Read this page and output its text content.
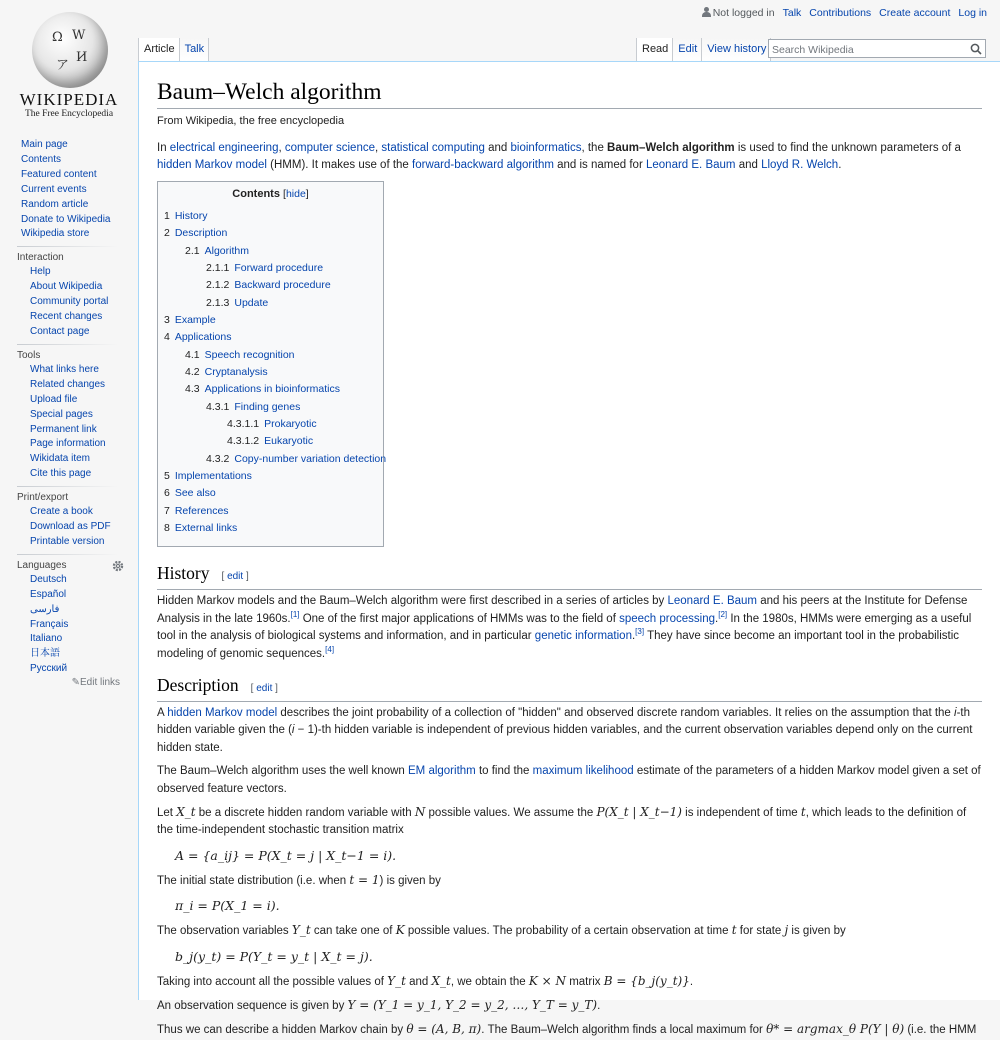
Ω W
И
ア
WIKIPEDIA
The Free Encyclopedia
Not logged in Talk Contributions Create account Log in
Article Talk	Read Edit View history
Search Wikipedia
Main page
Contents
Featured content
Current events
Random article
Donate to Wikipedia
Wikipedia store
Interaction
Help
About Wikipedia
Community portal
Recent changes
Contact page
Tools
What links here
Related changes
Upload file
Special pages
Permanent link
Page information
Wikidata item
Cite this page
Print/export
Create a book
Download as PDF
Printable version
Languages
Deutsch
Español
فارسی
Français
Italiano
日本語
Русский
✎Edit links
Baum–Welch algorithm
From Wikipedia, the free encyclopedia

In electrical engineering, computer science, statistical computing and bioinformatics, the Baum–Welch algorithm is used to find the unknown parameters of a hidden Markov model (HMM). It makes use of the forward-backward algorithm and is named for Leonard E. Baum and Lloyd R. Welch.

Contents [hide]
1 History
2 Description
2.1 Algorithm
2.1.1 Forward procedure
2.1.2 Backward procedure
2.1.3 Update
3 Example
4 Applications
4.1 Speech recognition
4.2 Cryptanalysis
4.3 Applications in bioinformatics
4.3.1 Finding genes
4.3.1.1 Prokaryotic
4.3.1.2 Eukaryotic
4.3.2 Copy-number variation detection
5 Implementations
6 See also
7 References
8 External links
History [ edit ]

Hidden Markov models and the Baum–Welch algorithm were first described in a series of articles by Leonard E. Baum and his peers at the Institute for Defense Analysis in the late 1960s.[1] One of the first major applications of HMMs was to the field of speech processing.[2] In the 1980s, HMMs were emerging as a useful tool in the analysis of biological systems and information, and in particular genetic information.[3] They have since become an important tool in the probabilistic modeling of genomic sequences.[4]

Description [ edit ]

A hidden Markov model describes the joint probability of a collection of "hidden" and observed discrete random variables. It relies on the assumption that the i-th hidden variable given the (i − 1)-th hidden variable is independent of previous hidden variables, and the current observation variables depend only on the current hidden state.

The Baum–Welch algorithm uses the well known EM algorithm to find the maximum likelihood estimate of the parameters of a hidden Markov model given a set of observed feature vectors.

Let X_t be a discrete hidden random variable with N possible values. We assume the P(X_t | X_t−1) is independent of time t, which leads to the definition of the time-independent stochastic transition matrix

A = {a_ij} = P(X_t = j | X_t−1 = i).

The initial state distribution (i.e. when t = 1) is given by

π_i = P(X_1 = i).

The observation variables Y_t can take one of K possible values. The probability of a certain observation at time t for state j is given by

b_j(y_t) = P(Y_t = y_t | X_t = j).

Taking into account all the possible values of Y_t and X_t, we obtain the K × N matrix B = {b_j(y_t)}.

An observation sequence is given by Y = (Y_1 = y_1, Y_2 = y_2, …, Y_T = y_T).

Thus we can describe a hidden Markov chain by θ = (A, B, π). The Baum–Welch algorithm finds a local maximum for θ* = argmax_θ P(Y | θ) (i.e. the HMM
